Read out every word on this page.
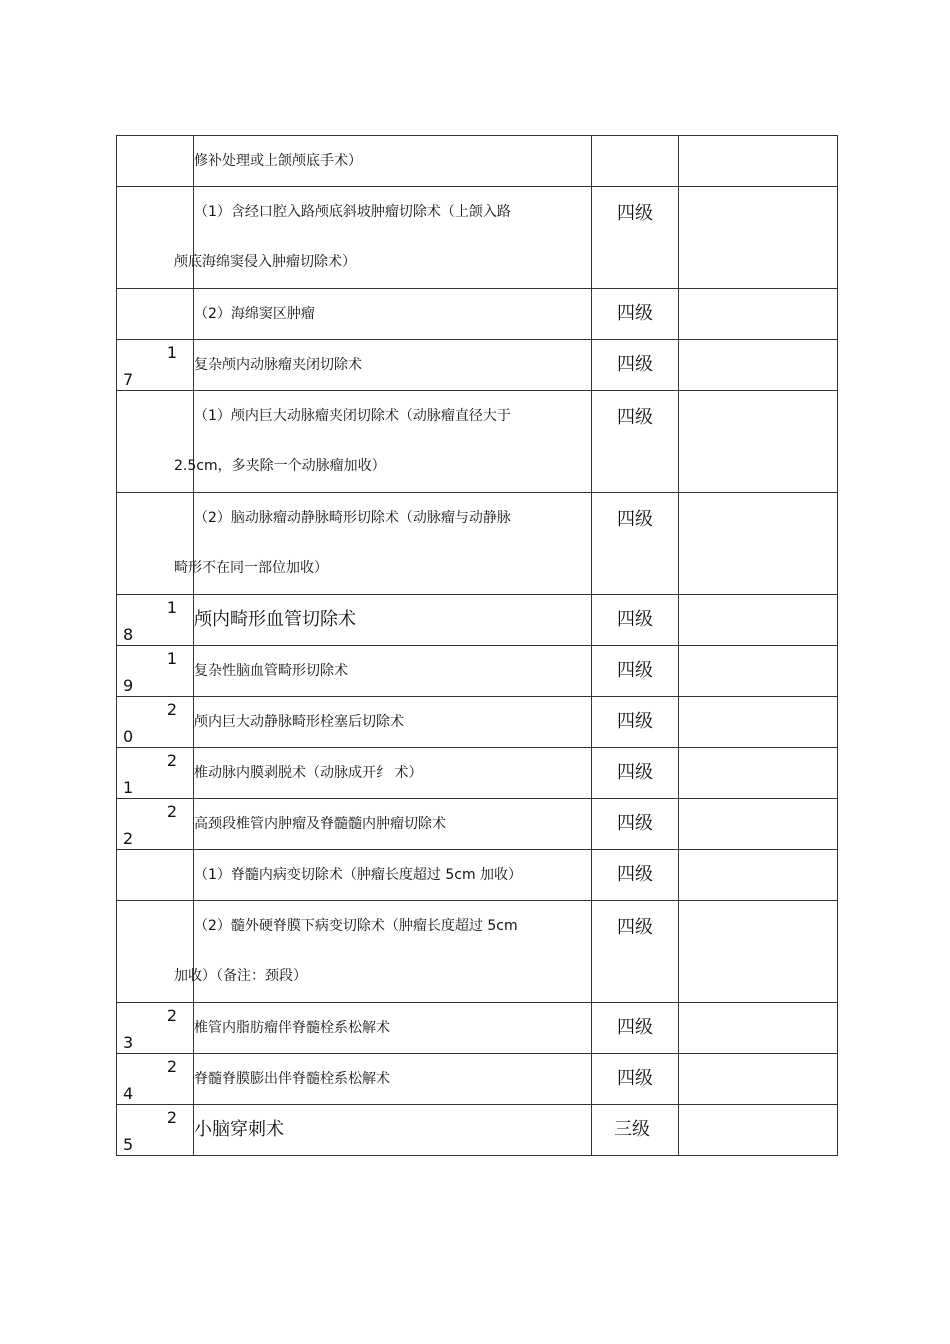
	修补处理或上颌颅底手术）		

	（1）含经口腔入路颅底斜坡肿瘤切除术（上颌入路
颅底海绵窦侵入肿瘤切除术）	四级	

	（2）海绵窦区肿瘤	四级	

1
7	复杂颅内动脉瘤夹闭切除术	四级	

	（1）颅内巨大动脉瘤夹闭切除术（动脉瘤直径大于
2.5cm，多夹除一个动脉瘤加收）	四级	

	（2）脑动脉瘤动静脉畸形切除术（动脉瘤与动静脉
畸形不在同一部位加收）	四级	

1
8	颅内畸形血管切除术	四级	

1
9	复杂性脑血管畸形切除术	四级	

2
0	颅内巨大动静脉畸形栓塞后切除术	四级	

2
1	椎动脉内膜剥脱术（动脉成开纟 术）	四级	

2
2	高颈段椎管内肿瘤及脊髓髓内肿瘤切除术	四级	
	（1）脊髓内病变切除术（肿瘤长度超过 5cm 加收）	四级	

	（2）髓外硬脊膜下病变切除术（肿瘤长度超过 5cm
加收）（备注：颈段）	四级	

2
3	椎管内脂肪瘤伴脊髓栓系松解术	四级	

2
4	脊髓脊膜膨出伴脊髓栓系松解术	四级	

2
5	小脑穿刺术	三级	
